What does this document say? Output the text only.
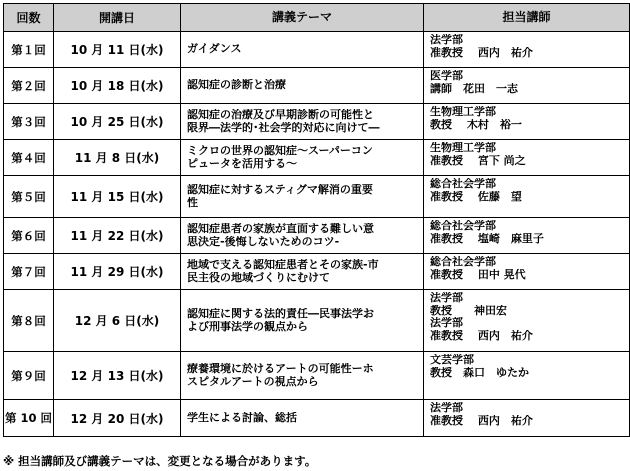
回数	開講日	講義テーマ	担当講師
第１回	10 月 11 日(水)	ガイダンス	法学部
准教授　 西内　祐介

第２回	10 月 18 日(水)	認知症の診断と治療	医学部
講師　花田　一志

第３回	10 月 25 日(水)	認知症の治療及び早期診断の可能性と
限界―法学的･社会学的対応に向けて―	生物理工学部
教授　 木村　裕一

第４回	11 月 8 日(水)	ミクロの世界の認知症～スーパーコン
ピュータを活用する～	生物理工学部
准教授　 宮下 尚之

第５回	11 月 15 日(水)	認知症に対するスティグマ解消の重要
性	総合社会学部
准教授　 佐藤　望

第６回	11 月 22 日(水)	認知症患者の家族が直面する難しい意
思決定-後悔しないためのコツ-	総合社会学部
准教授　 塩崎　麻里子

第７回	11 月 29 日(水)	地域で支える認知症患者とその家族-市
民主役の地域づくりにむけて	総合社会学部
准教授　 田中 晃代

第８回	12 月 6 日(水)	認知症に関する法的責任―民事法学お
よび刑事法学の観点から	法学部
教授　　神田宏
法学部
准教授　 西内　祐介

第９回	12 月 13 日(水)	療養環境に於けるアートの可能性ーホ
スピタルアートの視点から	文芸学部
教授　森口　ゆたか

第 10 回	12 月 20 日(水)	学生による討論、総括	法学部
准教授　 西内　祐介
※ 担当講師及び講義テーマは、変更となる場合があります。
